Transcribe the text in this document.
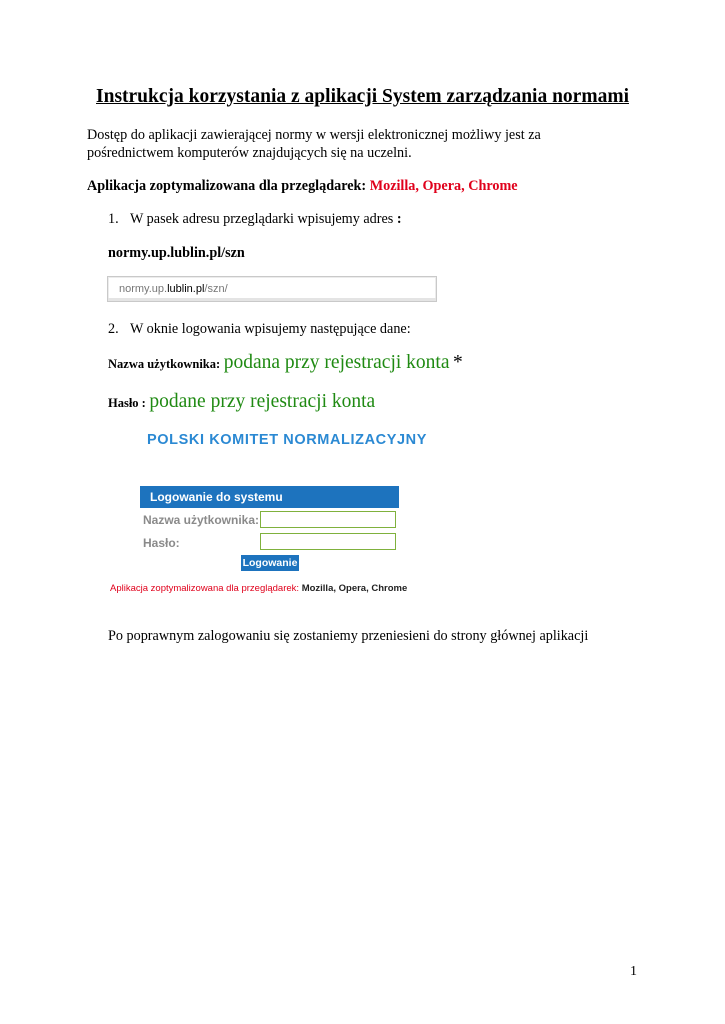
Instrukcja korzystania z aplikacji System zarządzania normami
Dostęp do aplikacji zawierającej normy w wersji elektronicznej możliwy jest za
pośrednictwem komputerów znajdujących się na uczelni.
Aplikacja zoptymalizowana dla przeglądarek: Mozilla, Opera, Chrome
1. W pasek adresu przeglądarki wpisujemy adres :
normy.up.lublin.pl/szn
normy.up.lublin.pl/szn/
2. W oknie logowania wpisujemy następujące dane:
Nazwa użytkownika: podana przy rejestracji konta *
Hasło : podane przy rejestracji konta
POLSKI KOMITET NORMALIZACYJNY
Logowanie do systemu
Nazwa użytkownika:
Hasło:
Logowanie
Aplikacja zoptymalizowana dla przeglądarek: Mozilla, Opera, Chrome
Po poprawnym zalogowaniu się zostaniemy przeniesieni do strony głównej aplikacji
1
